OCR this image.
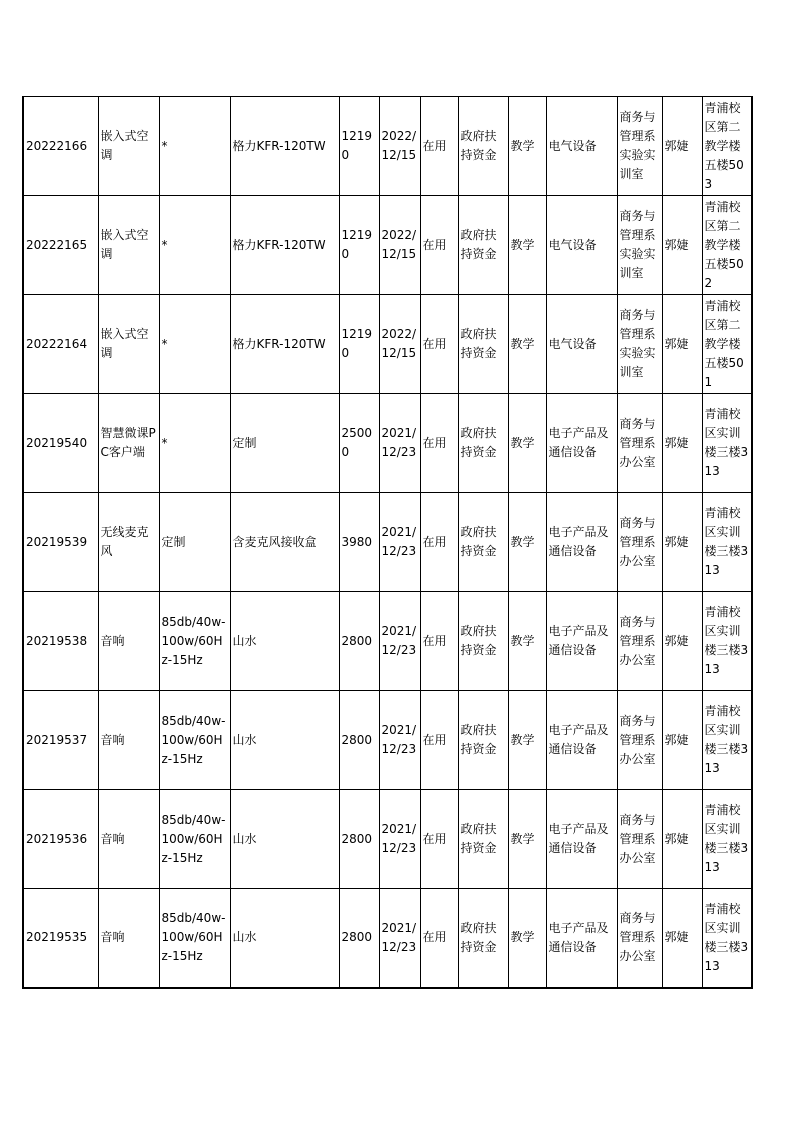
20222166	嵌入式空调	*	格力KFR-120TW	12190	2022/12/15	在用	政府扶持资金	教学	电气设备	商务与管理系实验实训室	郭婕	青浦校区第二教学楼五楼503
20222165	嵌入式空调	*	格力KFR-120TW	12190	2022/12/15	在用	政府扶持资金	教学	电气设备	商务与管理系实验实训室	郭婕	青浦校区第二教学楼五楼502
20222164	嵌入式空调	*	格力KFR-120TW	12190	2022/12/15	在用	政府扶持资金	教学	电气设备	商务与管理系实验实训室	郭婕	青浦校区第二教学楼五楼501
20219540	智慧微课PC客户端	*	定制	25000	2021/12/23	在用	政府扶持资金	教学	电子产品及通信设备	商务与管理系办公室	郭婕	青浦校区实训楼三楼313
20219539	无线麦克风	定制	含麦克风接收盒	3980	2021/12/23	在用	政府扶持资金	教学	电子产品及通信设备	商务与管理系办公室	郭婕	青浦校区实训楼三楼313
20219538	音响	85db/40w-100w/60Hz-15Hz	山水	2800	2021/12/23	在用	政府扶持资金	教学	电子产品及通信设备	商务与管理系办公室	郭婕	青浦校区实训楼三楼313
20219537	音响	85db/40w-100w/60Hz-15Hz	山水	2800	2021/12/23	在用	政府扶持资金	教学	电子产品及通信设备	商务与管理系办公室	郭婕	青浦校区实训楼三楼313
20219536	音响	85db/40w-100w/60Hz-15Hz	山水	2800	2021/12/23	在用	政府扶持资金	教学	电子产品及通信设备	商务与管理系办公室	郭婕	青浦校区实训楼三楼313
20219535	音响	85db/40w-100w/60Hz-15Hz	山水	2800	2021/12/23	在用	政府扶持资金	教学	电子产品及通信设备	商务与管理系办公室	郭婕	青浦校区实训楼三楼313
